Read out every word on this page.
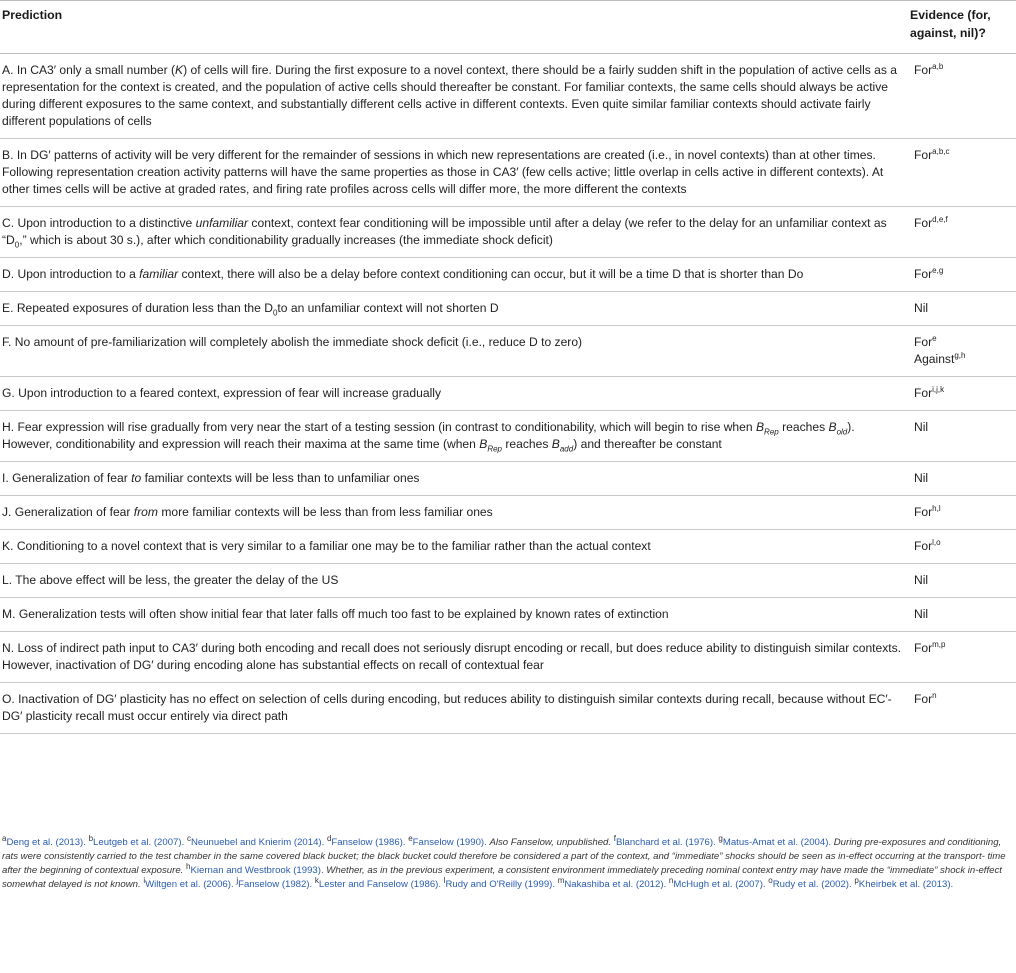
Prediction	Evidence (for,
against, nil)?
A. In CA3′ only a small number (K) of cells will fire. During the first exposure to a novel context, there should be a fairly sudden shift in the population of active cells as a representation for the context is created, and the population of active cells should thereafter be constant. For familiar contexts, the same cells should always be active during different exposures to the same context, and substantially different cells active in different contexts. Even quite similar familiar contexts should activate fairly different populations of cells	For$^{a,b}$
B. In DG′ patterns of activity will be very different for the remainder of sessions in which new representations are created (i.e., in novel contexts) than at other times. Following representation creation activity patterns will have the same properties as those in CA3′ (few cells active; little overlap in cells active in different contexts). At other times cells will be active at graded rates, and firing rate profiles across cells will differ more, the more different the contexts	For$^{a,b,c}$
C. Upon introduction to a distinctive unfamiliar context, context fear conditioning will be impossible until after a delay (we refer to the delay for an unfamiliar context as “$D_0$,” which is about 30 s.), after which conditionability gradually increases (the immediate shock deficit)	For$^{d,e,f}$
D. Upon introduction to a familiar context, there will also be a delay before context conditioning can occur, but it will be a time D that is shorter than Do	For$^{e,g}$
E. Repeated exposures of duration less than the $D_0to$ an unfamiliar context will not shorten D	Nil
F. No amount of pre-familiarization will completely abolish the immediate shock deficit (i.e., reduce D to zero)	For$^e$
Against$^{g,h}$
G. Upon introduction to a feared context, expression of fear will increase gradually	For$^{i,j,k}$
H. Fear expression will rise gradually from very near the start of a testing session (in contrast to conditionability, which will begin to rise when $B_{Rep}$ reaches $B_{old}$). However, conditionability and expression will reach their maxima at the same time (when $B_{Rep}$ reaches $B_{add}$) and thereafter be constant	Nil
I. Generalization of fear to familiar contexts will be less than to unfamiliar ones	Nil
J. Generalization of fear from more familiar contexts will be less than from less familiar ones	For$^{h,l}$
K. Conditioning to a novel context that is very similar to a familiar one may be to the familiar rather than the actual context	For$^{l,o}$
L. The above effect will be less, the greater the delay of the US	Nil
M. Generalization tests will often show initial fear that later falls off much too fast to be explained by known rates of extinction	Nil
N. Loss of indirect path input to CA3′ during both encoding and recall does not seriously disrupt encoding or recall, but does reduce ability to distinguish similar contexts. However, inactivation of DG′ during encoding alone has substantial effects on recall of contextual fear	For$^{m,p}$
O. Inactivation of DG′ plasticity has no effect on selection of cells during encoding, but reduces ability to distinguish similar contexts during recall, because without EC′-DG′ plasticity recall must occur entirely via direct path	For$^n$
$^a$Deng et al. (2013). $^b$Leutgeb et al. (2007). $^c$Neunuebel and Knierim (2014). $^d$Fanselow (1986). $^e$Fanselow (1990). Also Fanselow, unpublished. $^f$Blanchard et al. (1976). $^g$Matus-Amat et al. (2004). During pre-exposures and conditioning, rats were consistently carried to the test chamber in the same covered black bucket; the black bucket could therefore be considered a part of the context, and “immediate” shocks should be seen as in-effect occurring at the transport- time after the beginning of contextual exposure. $^h$Kiernan and Westbrook (1993). Whether, as in the previous experiment, a consistent environment immediately preceding nominal context entry may have made the “immediate” shock in-effect somewhat delayed is not known. $^i$Wiltgen et al. (2006). $^j$Fanselow (1982). $^k$Lester and Fanselow (1986). $^l$Rudy and O'Reilly (1999). $^m$Nakashiba et al. (2012). $^n$McHugh et al. (2007). $^o$Rudy et al. (2002). $^p$Kheirbek et al. (2013).
